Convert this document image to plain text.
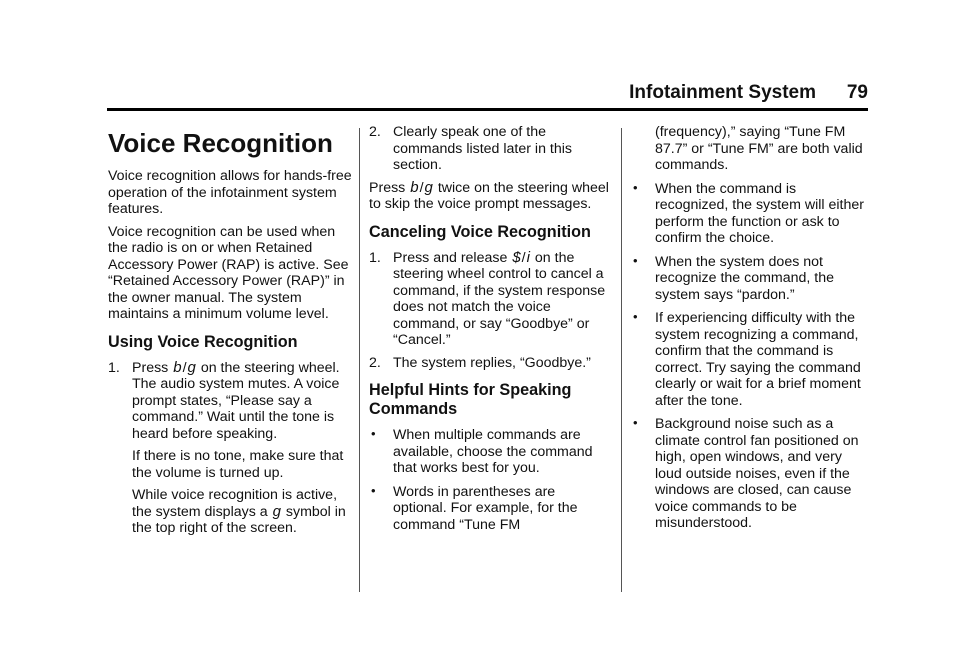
Infotainment System 79
Voice Recognition

Voice recognition allows for hands-free operation of the infotainment system features.

Voice recognition can be used when the radio is on or when Retained Accessory Power (RAP) is active. See “Retained Accessory Power (RAP)” in the owner manual. The system maintains a minimum volume level.

Using Voice Recognition
1. Press b/g on the steering wheel. The audio system mutes. A voice prompt states, “Please say a command.” Wait until the tone is heard before speaking.

If there is no tone, make sure that the volume is turned up.

While voice recognition is active, the system displays a g symbol in the top right of the screen.

2. Clearly speak one of the commands listed later in this section.

Press b/g twice on the steering wheel to skip the voice prompt messages.

Canceling Voice Recognition
1. Press and release $/i on the steering wheel control to cancel a command, if the system response does not match the voice command, or say “Goodbye” or “Cancel.”
2. The system replies, “Goodbye.”
Helpful Hints for Speaking Commands
• When multiple commands are available, choose the command that works best for you.
• Words in parentheses are optional. For example, for the command “Tune FM

(frequency),” saying “Tune FM 87.7” or “Tune FM” are both valid commands.

• When the command is recognized, the system will either perform the function or ask to confirm the choice.
• When the system does not recognize the command, the system says “pardon.”
• If experiencing difficulty with the system recognizing a command, confirm that the command is correct. Try saying the command clearly or wait for a brief moment after the tone.
• Background noise such as a climate control fan positioned on high, open windows, and very loud outside noises, even if the windows are closed, can cause voice commands to be misunderstood.
